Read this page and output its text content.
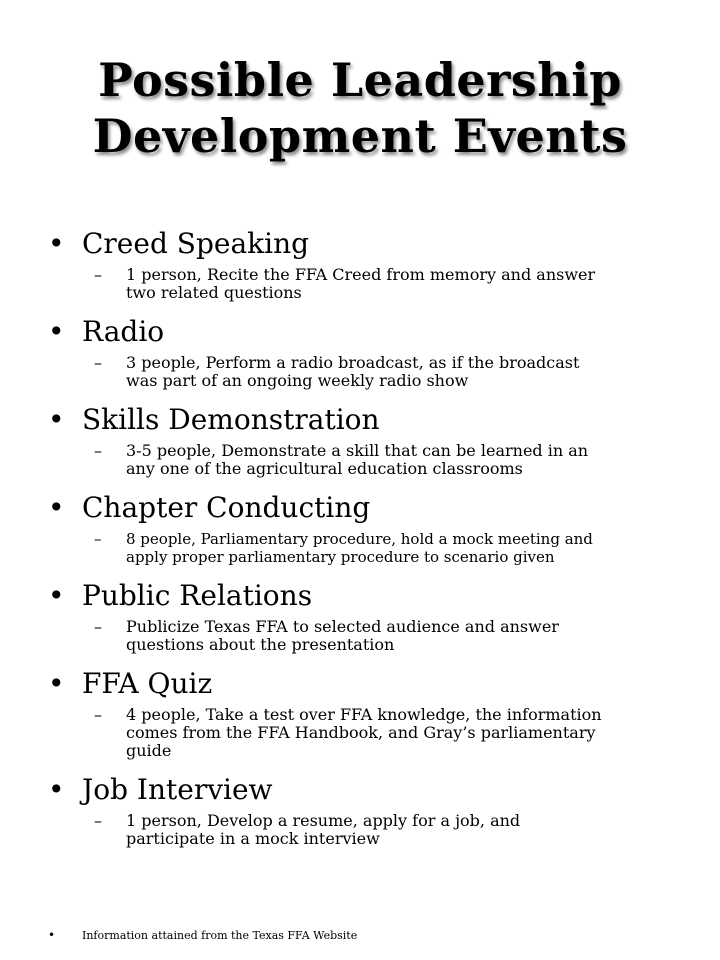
Possible Leadership
Development Events
• Creed Speaking
– 1 person, Recite the FFA Creed from memory and answer
two related questions
• Radio
– 3 people, Perform a radio broadcast, as if the broadcast
was part of an ongoing weekly radio show
• Skills Demonstration
– 3-5 people, Demonstrate a skill that can be learned in an
any one of the agricultural education classrooms
• Chapter Conducting
– 8 people, Parliamentary procedure, hold a mock meeting and
apply proper parliamentary procedure to scenario given
• Public Relations
– Publicize Texas FFA to selected audience and answer
questions about the presentation
• FFA Quiz
– 4 people, Take a test over FFA knowledge, the information
comes from the FFA Handbook, and Gray’s parliamentary
guide
• Job Interview
– 1 person, Develop a resume, apply for a job, and
participate in a mock interview
• Information attained from the Texas FFA Website
